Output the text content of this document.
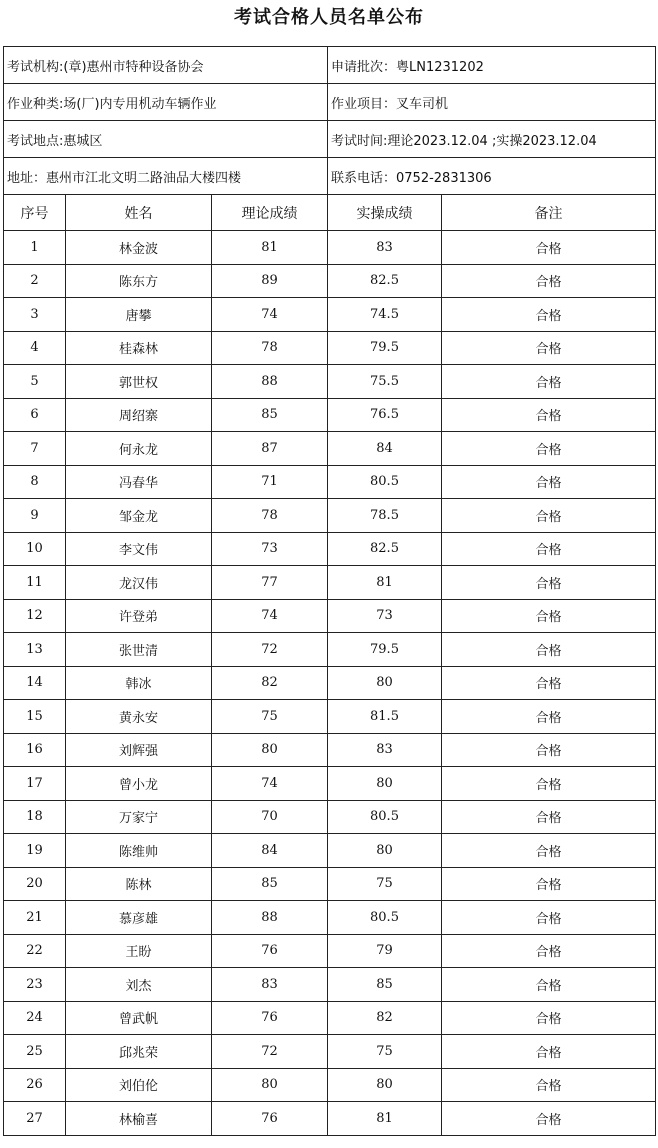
考试合格人员名单公布
考试机构:(章)惠州市特种设备协会			申请批次：粤LN1231202	
作业种类:场(厂)内专用机动车辆作业			作业项目：叉车司机	
考试地点:惠城区			考试时间:理论2023.12.04 ;实操2023.12.04	
地址：惠州市江北文明二路油品大楼四楼			联系电话：0752-2831306	
序号	姓名	理论成绩	实操成绩	备注
1	林金波	81	83	合格
2	陈东方	89	82.5	合格
3	唐攀	74	74.5	合格
4	桂森林	78	79.5	合格
5	郭世权	88	75.5	合格
6	周绍寨	85	76.5	合格
7	何永龙	87	84	合格
8	冯春华	71	80.5	合格
9	邹金龙	78	78.5	合格
10	李文伟	73	82.5	合格
11	龙汉伟	77	81	合格
12	许登弟	74	73	合格
13	张世清	72	79.5	合格
14	韩冰	82	80	合格
15	黄永安	75	81.5	合格
16	刘辉强	80	83	合格
17	曾小龙	74	80	合格
18	万家宁	70	80.5	合格
19	陈维帅	84	80	合格
20	陈林	85	75	合格
21	慕彦雄	88	80.5	合格
22	王盼	76	79	合格
23	刘杰	83	85	合格
24	曾武帆	76	82	合格
25	邱兆荣	72	75	合格
26	刘伯伦	80	80	合格
27	林榆喜	76	81	合格
